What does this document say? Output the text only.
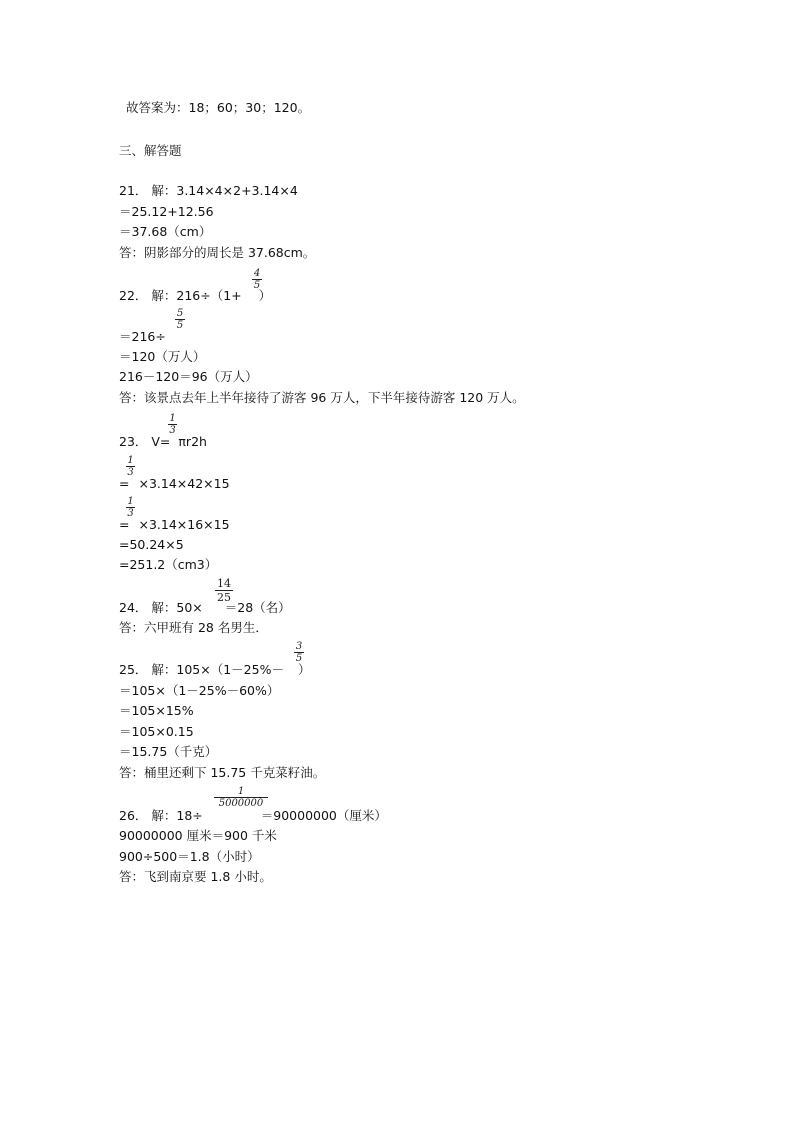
故答案为：18；60；30；120。
三、解答题
21． 解：3.14×4×2+3.14×4
＝25.12+12.56
＝37.68（cm）
答：阴影部分的周长是 37.68cm。
22． 解：216÷（1+ ）
$\frac{4}{5}$
＝216÷
$\frac{5}{5}$
＝120（万人）
216－120＝96（万人）
答：该景点去年上半年接待了游客 96 万人，下半年接待游客 120 万人。
23． V= πr2h
$\frac{1}{3}$
= ×3.14×42×15
$\frac{1}{3}$
= ×3.14×16×15
$\frac{1}{3}$
=50.24×5
=251.2（cm3）
24． 解：50× ＝28（名）
$\frac{14}{25}$
答：六甲班有 28 名男生．
25． 解：105×（1－25%－ ）
$\frac{3}{5}$
＝105×（1－25%－60%）
＝105×15%
＝105×0.15
＝15.75（千克）
答：桶里还剩下 15.75 千克菜籽油。
26． 解：18÷	＝90000000（厘米）
$\frac{1}{5000000}$
90000000 厘米＝900 千米
900÷500＝1.8（小时）
答：飞到南京要 1.8 小时。
